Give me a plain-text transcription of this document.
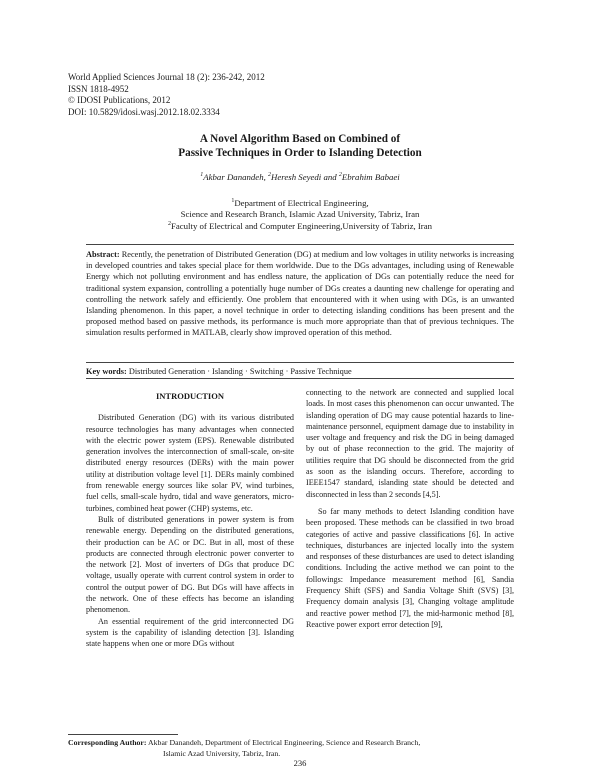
World Applied Sciences Journal 18 (2): 236-242, 2012
ISSN 1818-4952
© IDOSI Publications, 2012
DOI: 10.5829/idosi.wasj.2012.18.02.3334
A Novel Algorithm Based on Combined of
Passive Techniques in Order to Islanding Detection
$^1$Akbar Danandeh, $^2$Heresh Seyedi and $^2$Ebrahim Babaei
$^1$Department of Electrical Engineering,
Science and Research Branch, Islamic Azad University, Tabriz, Iran
$^2$Faculty of Electrical and Computer Engineering,University of Tabriz, Iran
Abstract: Recently, the penetration of Distributed Generation (DG) at medium and low voltages in utility networks is increasing in developed countries and takes special place for them worldwide. Due to the DGs advantages, including using of Renewable Energy which not polluting environment and has endless nature, the application of DGs can potentially reduce the need for traditional system expansion, controlling a potentially huge number of DGs creates a daunting new challenge for operating and controlling the network safely and efficiently. One problem that encountered with it when using with DGs, is an unwanted Islanding phenomenon. In this paper, a novel technique in order to detecting islanding conditions has been present and the proposed method based on passive methods, its performance is much more appropriate than that of previous techniques. The simulation results performed in MATLAB, clearly show improved operation of this method.
Key words: Distributed Generation · Islanding · Switching · Passive Technique
INTRODUCTION

Distributed Generation (DG) with its various distributed resource technologies has many advantages when connected with the electric power system (EPS). Renewable distributed generation involves the interconnection of small-scale, on-site distributed energy resources (DERs) with the main power utility at distribution voltage level [1]. DERs mainly combined from renewable energy sources like solar PV, wind turbines, fuel cells, small-scale hydro, tidal and wave generators, micro-turbines, combined heat power (CHP) systems, etc.

Bulk of distributed generations in power system is from renewable energy. Depending on the distributed generations, their production can be AC or DC. But in all, most of these products are connected through electronic power converter to the network [2]. Most of inverters of DGs that produce DC voltage, usually operate with current control system in order to control the output power of DG. But DGs will have affects in the network. One of these effects has become an islanding phenomenon.

An essential requirement of the grid interconnected DG system is the capability of islanding detection [3]. Islanding state happens when one or more DGs without

connecting to the network are connected and supplied local loads. In most cases this phenomenon can occur unwanted. The islanding operation of DG may cause potential hazards to line-maintenance personnel, equipment damage due to instability in user voltage and frequency and risk the DG in being damaged by out of phase reconnection to the grid. The majority of utilities require that DG should be disconnected from the grid as soon as the islanding occurs. Therefore, according to IEEE1547 standard, islanding state should be detected and disconnected in less than 2 seconds [4,5].

So far many methods to detect Islanding condition have been proposed. These methods can be classified in two broad categories of active and passive classifications [6]. In active techniques, disturbances are injected locally into the system and responses of these disturbances are used to detect islanding conditions. Including the active method we can point to the followings: Impedance measurement method [6], Sandia Frequency Shift (SFS) and Sandia Voltage Shift (SVS) [3], Frequency domain analysis [3], Changing voltage amplitude and reactive power method [7], the mid-harmonic method [8], Reactive power export error detection [9],

Corresponding Author: Akbar Danandeh, Department of Electrical Engineering, Science and Research Branch,
Islamic Azad University, Tabriz, Iran.
236
